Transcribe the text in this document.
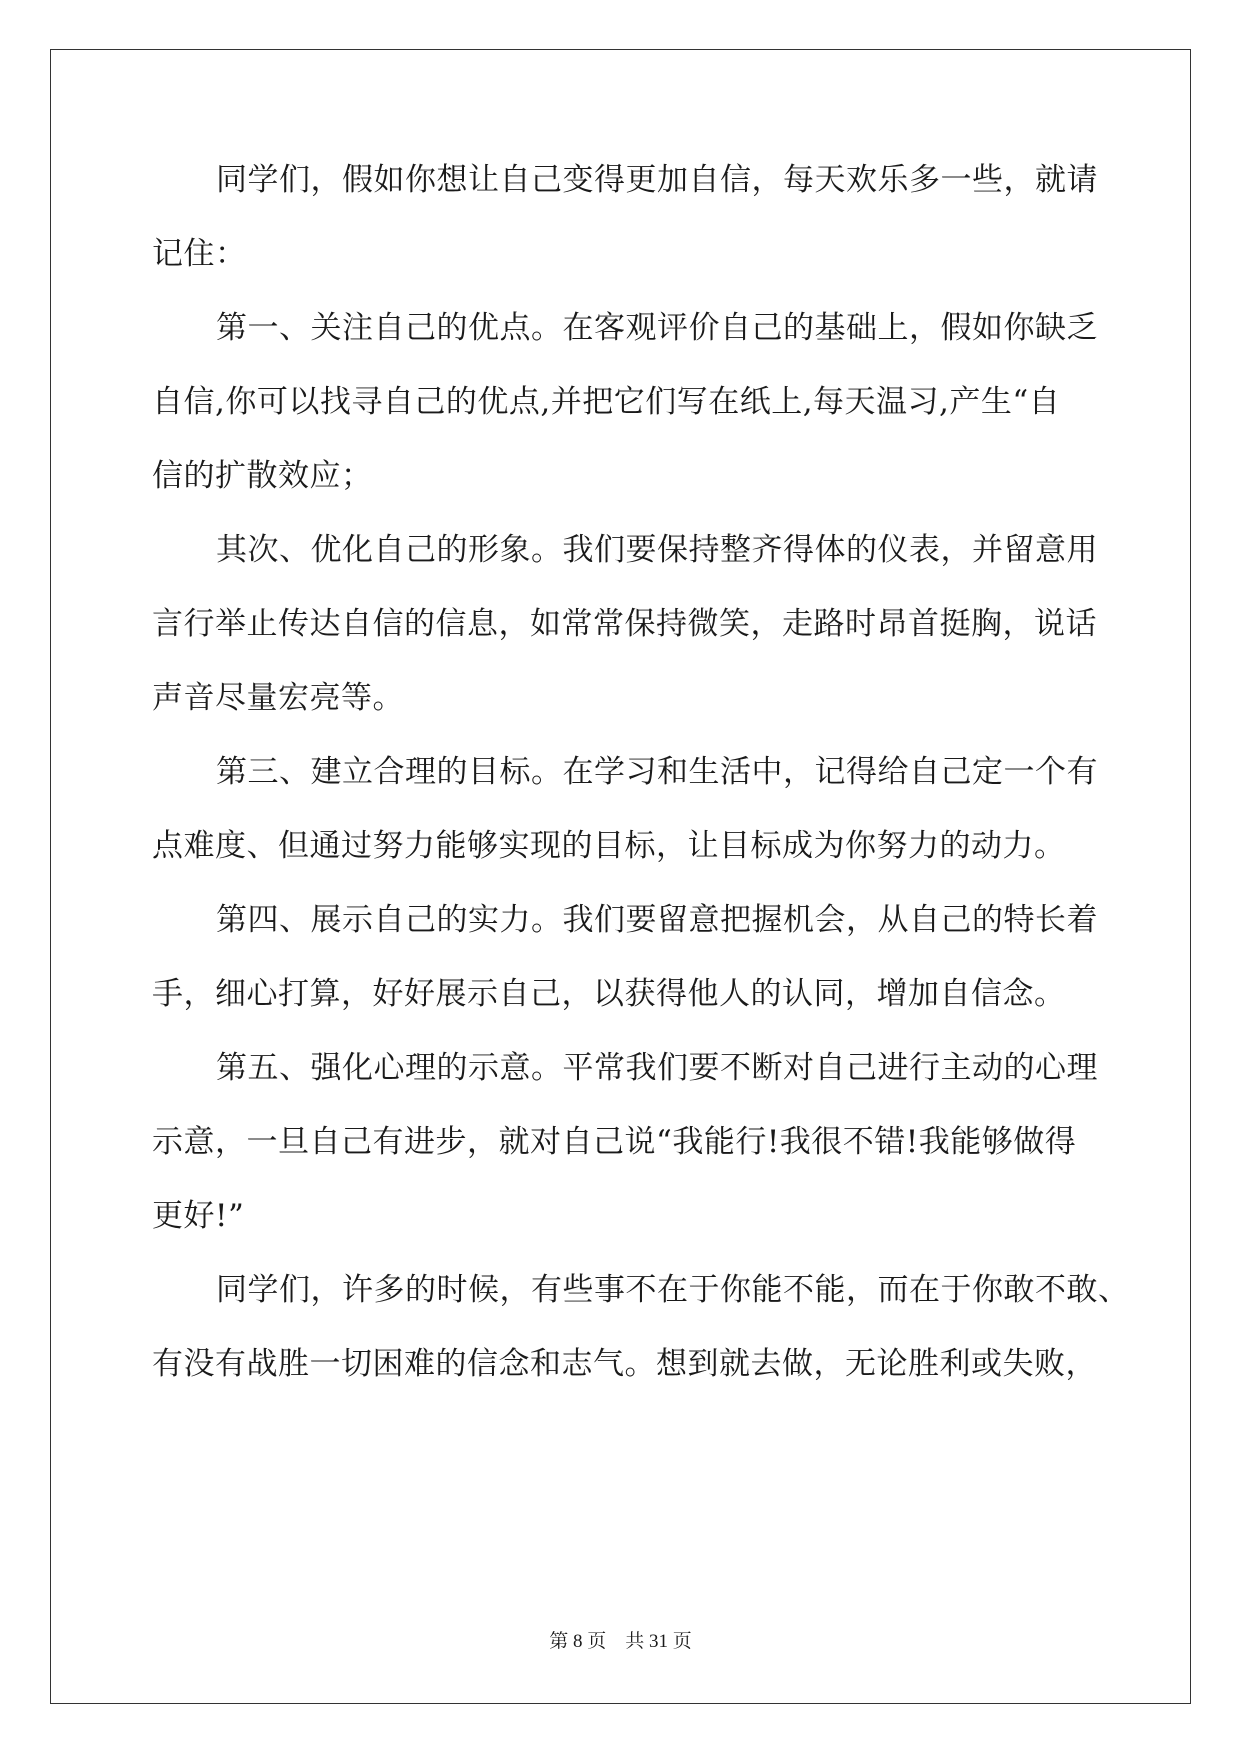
同学们，假如你想让自己变得更加自信，每天欢乐多一些，就请
记住：
第一、关注自己的优点。在客观评价自己的基础上，假如你缺乏
自信,你可以找寻自己的优点,并把它们写在纸上,每天温习,产生“自
信的扩散效应；
其次、优化自己的形象。我们要保持整齐得体的仪表，并留意用
言行举止传达自信的信息，如常常保持微笑，走路时昂首挺胸，说话
声音尽量宏亮等。
第三、建立合理的目标。在学习和生活中，记得给自己定一个有
点难度、但通过努力能够实现的目标，让目标成为你努力的动力。
第四、展示自己的实力。我们要留意把握机会，从自己的特长着
手，细心打算，好好展示自己，以获得他人的认同，增加自信念。
第五、强化心理的示意。平常我们要不断对自己进行主动的心理
示意，一旦自己有进步，就对自己说“我能行!我很不错!我能够做得
更好!”
同学们，许多的时候，有些事不在于你能不能，而在于你敢不敢、
有没有战胜一切困难的信念和志气。想到就去做，无论胜利或失败，
第 8 页    共 31 页
